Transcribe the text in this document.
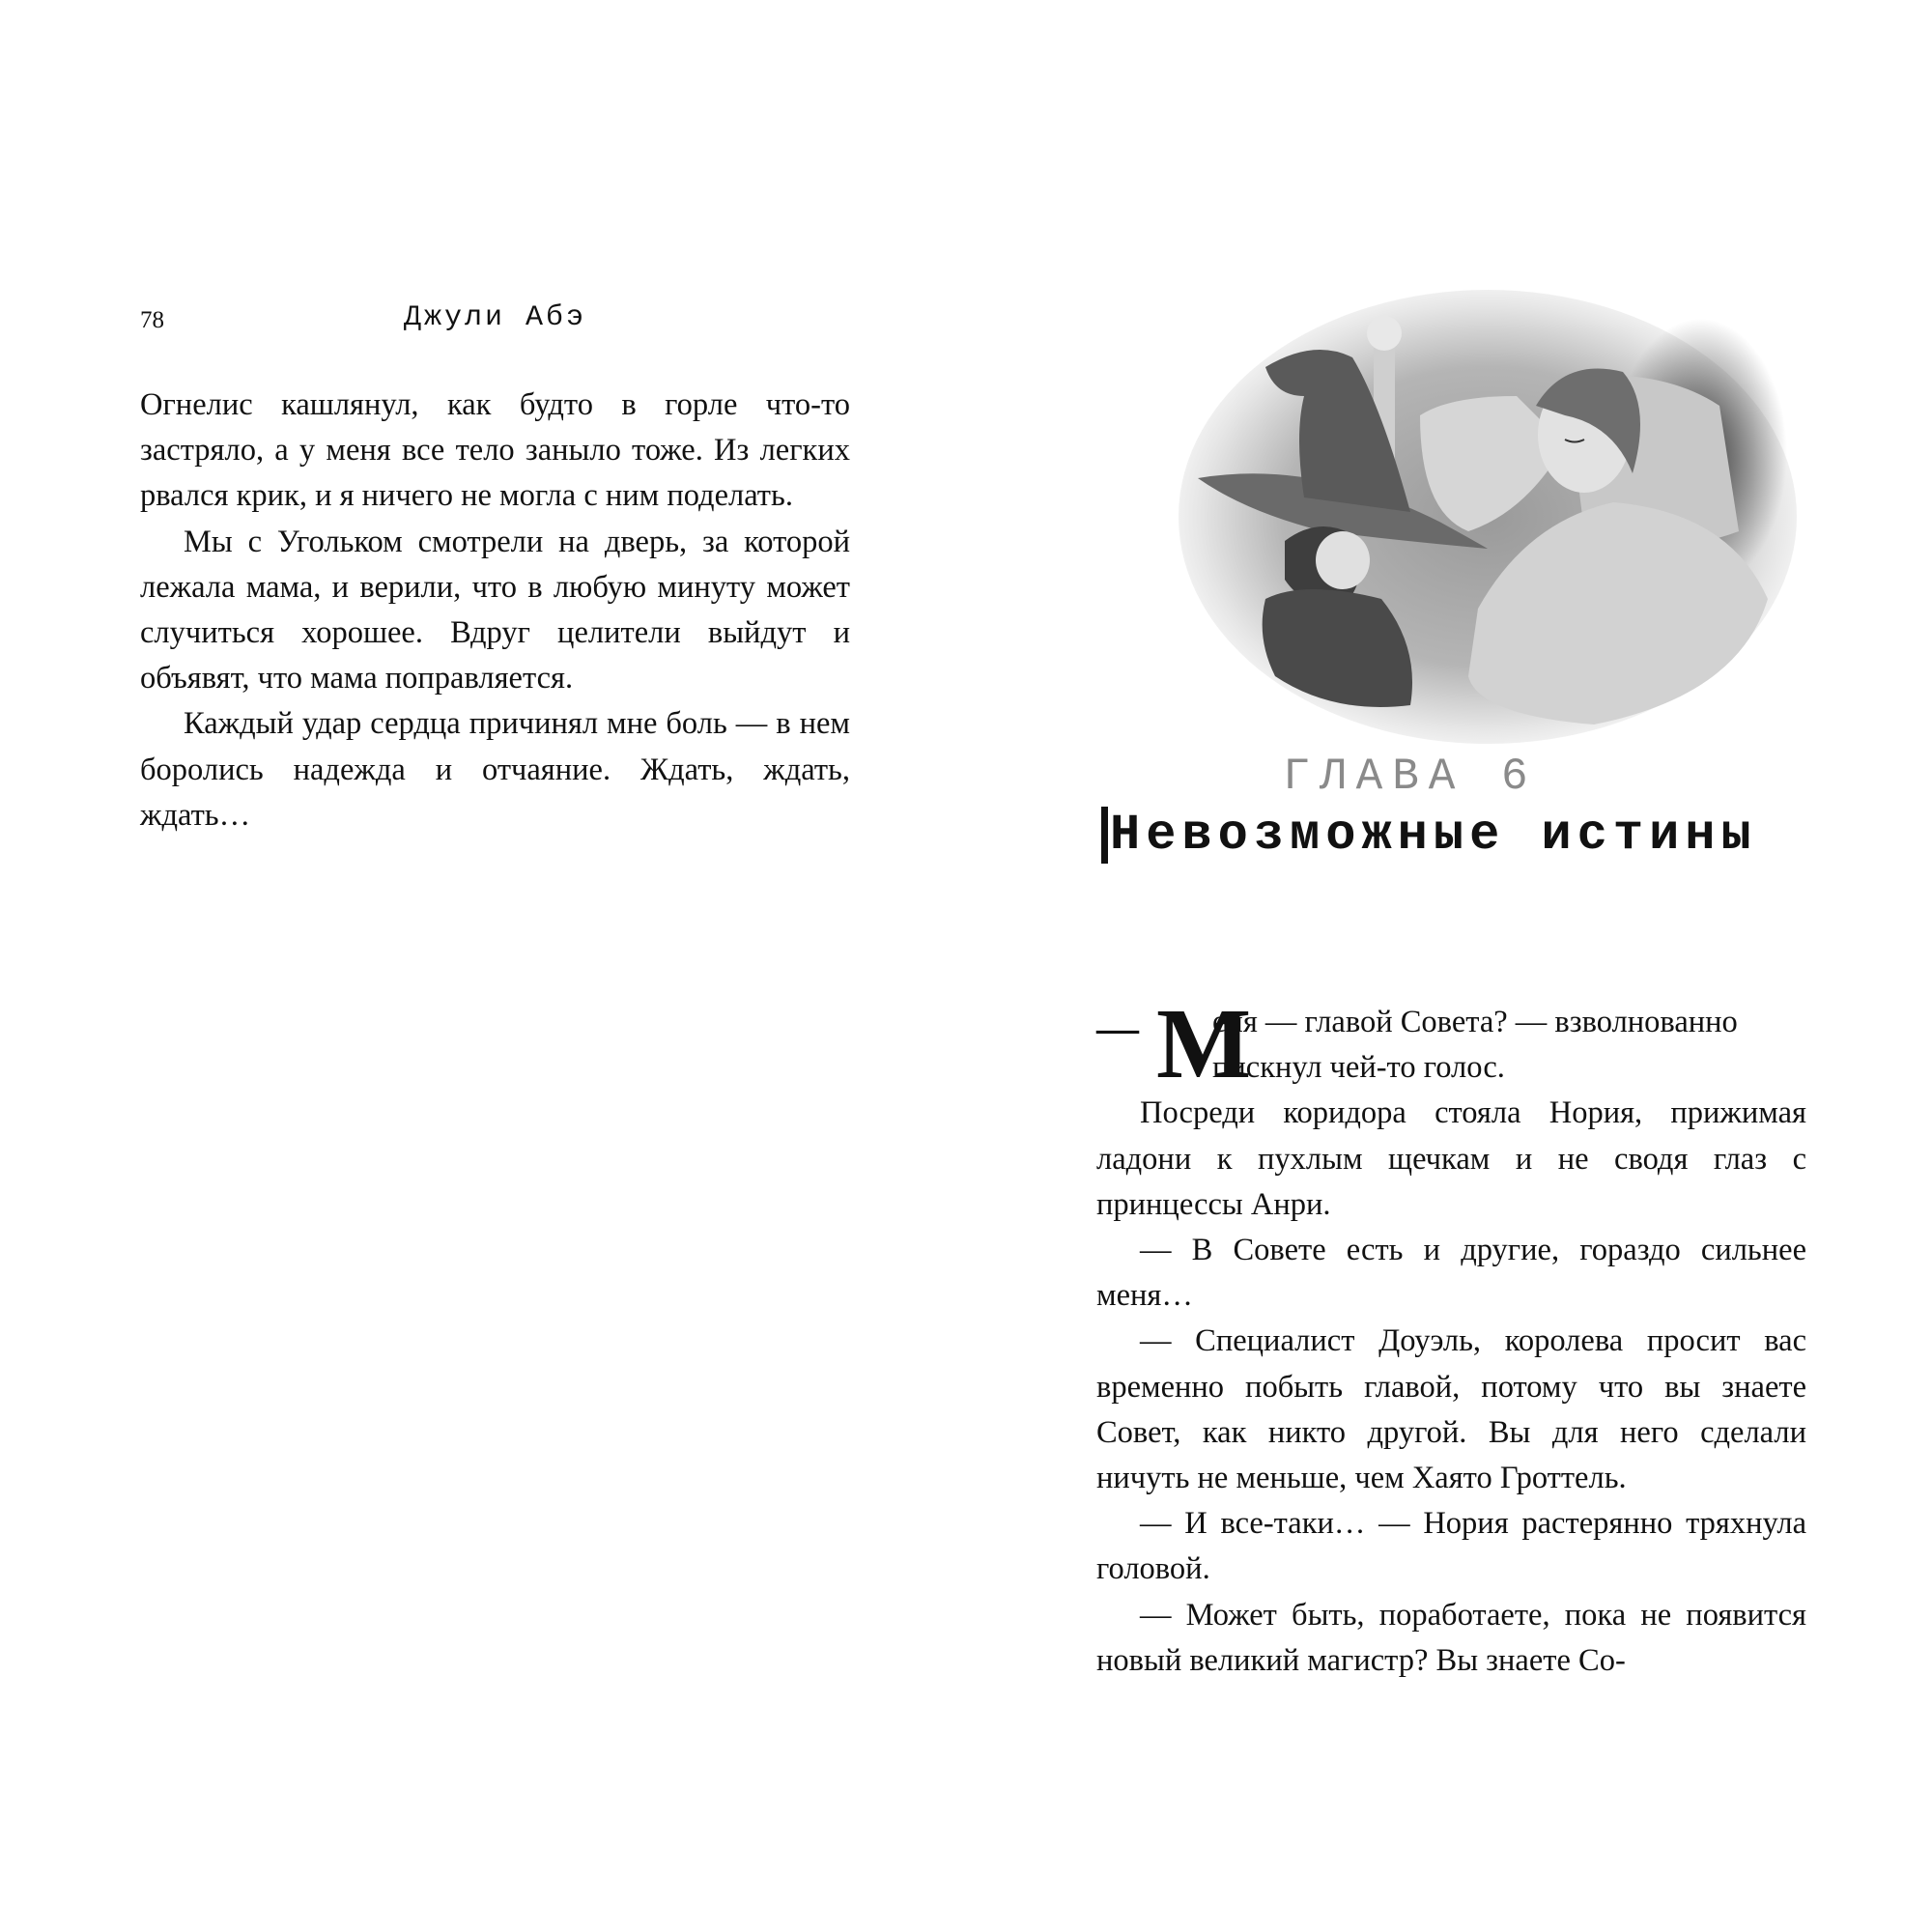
78	Джули Абэ

Огнелис кашлянул, как будто в горле что-то застряло, а у меня все тело заныло тоже. Из легких рвался крик, и я ничего не могла с ним поделать.

Мы с Угольком смотрели на дверь, за которой лежала мама, и верили, что в любую минуту может случиться хорошее. Вдруг целители выйдут и объявят, что мама поправляется.

Каждый удар сердца причинял мне боль — в нем боролись надежда и отчаяние. Ждать, ждать, ждать…

ГЛАВА 6
Невозможные истины
— М
еня — главой Совета? — взволнованно
пискнул чей-то голос.

Посреди коридора стояла Нория, прижимая ладони к пухлым щечкам и не сводя глаз с принцессы Анри.

— В Совете есть и другие, гораздо сильнее меня…

— Специалист Доуэль, королева просит вас временно побыть главой, потому что вы знаете Совет, как никто другой. Вы для него сделали ничуть не меньше, чем Хаято Гроттель.

— И все-таки… — Нория растерянно тряхнула головой.

— Может быть, поработаете, пока не появится новый великий магистр? Вы знаете Со-
